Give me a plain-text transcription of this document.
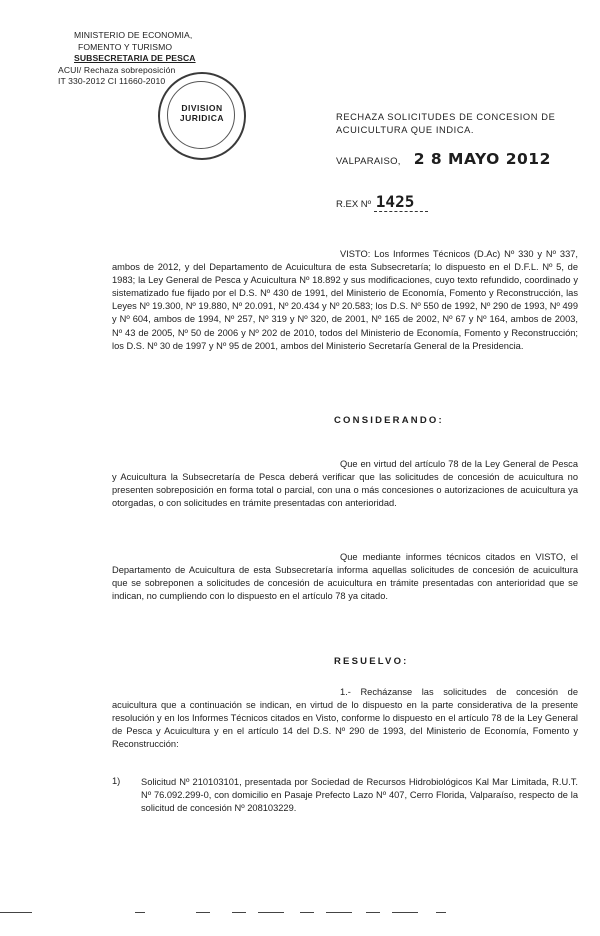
MINISTERIO DE ECONOMIA,
FOMENTO Y TURISMO
SUBSECRETARIA DE PESCA
ACUI/ Rechaza sobreposición
IT 330-2012 CI 11660-2010
DIVISION
JURIDICA	RECHAZA SOLICITUDES DE CONCESION DE ACUICULTURA QUE INDICA.
VALPARAISO, 2 8 MAYO 2012
R.EX Nº 1425
VISTO: Los Informes Técnicos (D.Ac) Nº 330 y Nº 337, ambos de 2012, y del Departamento de Acuicultura de esta Subsecretaría; lo dispuesto en el D.F.L. Nº 5, de 1983; la Ley General de Pesca y Acuicultura Nº 18.892 y sus modificaciones, cuyo texto refundido, coordinado y sistematizado fue fijado por el D.S. Nº 430 de 1991, del Ministerio de Economía, Fomento y Reconstrucción, las Leyes Nº 19.300, Nº 19.880, Nº 20.091, Nº 20.434 y Nº 20.583; los D.S. Nº 550 de 1992, Nº 290 de 1993, Nº 499 y Nº 604, ambos de 1994, Nº 257, Nº 319 y Nº 320, de 2001, Nº 165 de 2002, Nº 67 y Nº 164, ambos de 2003, Nº 43 de 2005, Nº 50 de 2006 y Nº 202 de 2010, todos del Ministerio de Economía, Fomento y Reconstrucción; los D.S. Nº 30 de 1997 y Nº 95 de 2001, ambos del Ministerio Secretaría General de la Presidencia.
CONSIDERANDO:
Que en virtud del artículo 78 de la Ley General de Pesca y Acuicultura la Subsecretaría de Pesca deberá verificar que las solicitudes de concesión de acuicultura no presenten sobreposición en forma total o parcial, con una o más concesiones o autorizaciones de acuicultura ya otorgadas, o con solicitudes en trámite presentadas con anterioridad.
Que mediante informes técnicos citados en VISTO, el Departamento de Acuicultura de esta Subsecretaría informa aquellas solicitudes de concesión de acuicultura que se sobreponen a solicitudes de concesión de acuicultura en trámite presentadas con anterioridad que se indican, no cumpliendo con lo dispuesto en el artículo 78 ya citado.
RESUELVO:
1.- Recházanse las solicitudes de concesión de acuicultura que a continuación se indican, en virtud de lo dispuesto en la parte considerativa de la presente resolución y en los Informes Técnicos citados en Visto, conforme lo dispuesto en el artículo 78 de la Ley General de Pesca y Acuicultura y en el artículo 14 del D.S. Nº 290 de 1993, del Ministerio de Economía, Fomento y Reconstrucción:
1) Solicitud Nº 210103101, presentada por Sociedad de Recursos Hidrobiológicos Kal Mar Limitada, R.U.T. Nº 76.092.299-0, con domicilio en Pasaje Prefecto Lazo Nº 407, Cerro Florida, Valparaíso, respecto de la solicitud de concesión Nº 208103229.
